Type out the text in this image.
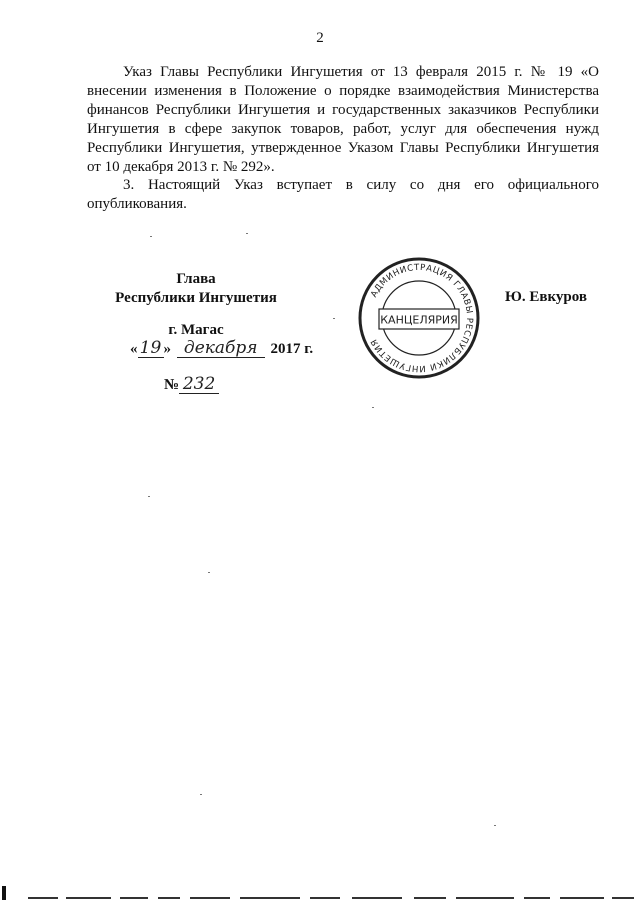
2

Указ Главы Республики Ингушетия от 13 февраля 2015 г. № 19 «О внесении изменения в Положение о порядке взаимодействия Министерства финансов Республики Ингушетия и государственных заказчиков Республики Ингушетия в сфере закупок товаров, работ, услуг для обеспечения нужд Республики Ингушетия, утвержденное Указом Главы Республики Ингушетия от 10 декабря 2013 г. № 292».

3. Настоящий Указ вступает в силу со дня его официального опубликования.

Глава
Республики Ингушетия
г. Магас
« 19 » декабря 2017 г.
№ 232
Ю. Евкуров
АДМИНИСТРАЦИЯ ГЛАВЫ РЕСПУБЛИКИ ИНГУШЕТИЯ
КАНЦЕЛЯРИЯ
